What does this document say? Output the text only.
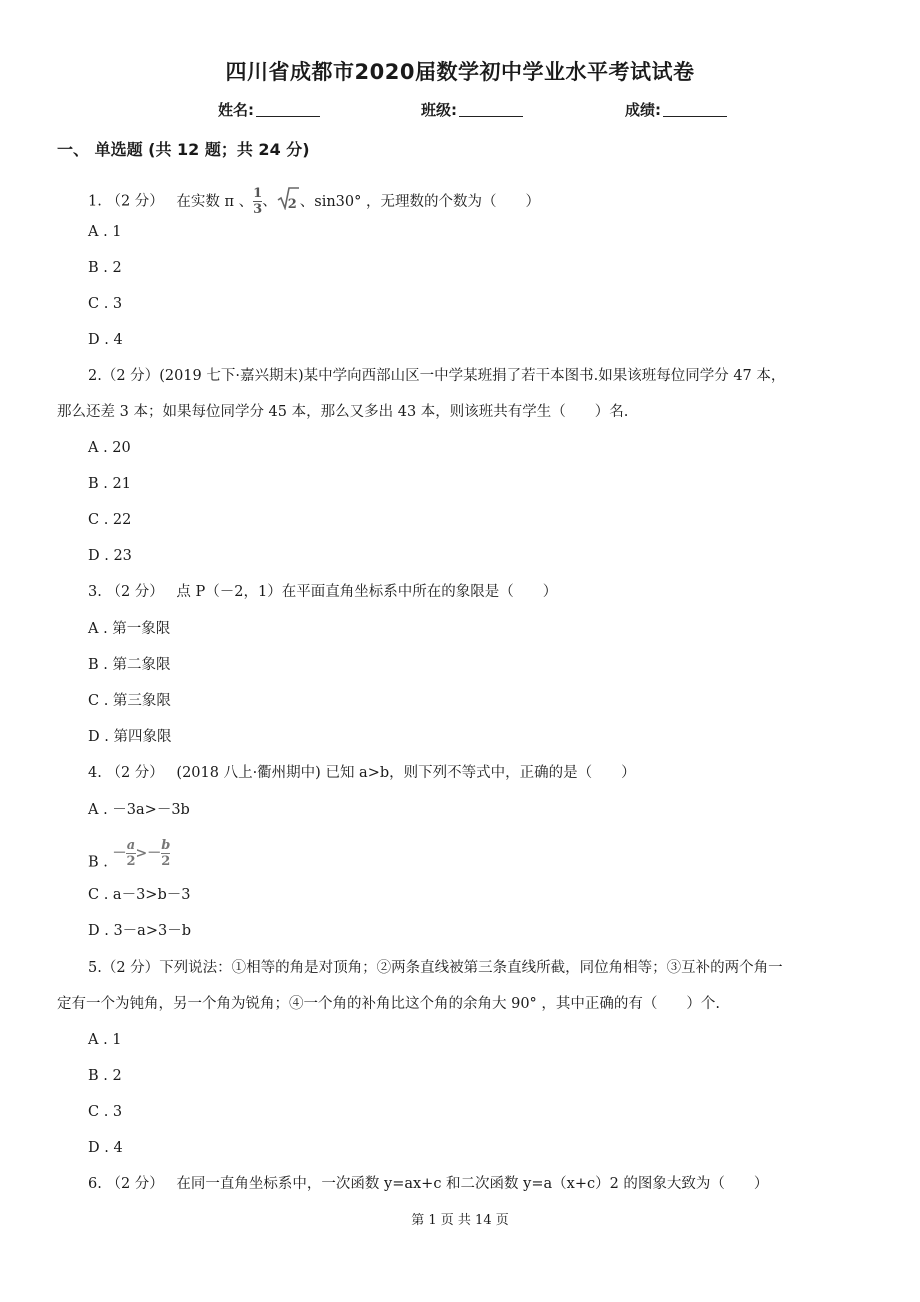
四川省成都市2020届数学初中学业水平考试试卷
姓名:	班级:	成绩:
一、 单选题 (共 12 题；共 24 分)
1. （2 分） 在实数 π 、$\frac{1}{3}$、 2 、sin30° ，无理数的个数为（　　）
A . 1
B . 2
C . 3
D . 4
2.（2 分）(2019 七下·嘉兴期末)某中学向西部山区一中学某班捐了若干本图书.如果该班每位同学分 47 本，
那么还差 3 本；如果每位同学分 45 本，那么又多出 43 本，则该班共有学生（　　）名.
A . 20
B . 21
C . 22
D . 23
3. （2 分） 点 P（－2，1）在平面直角坐标系中所在的象限是（　　）
A . 第一象限
B . 第二象限
C . 第三象限
D . 第四象限
4. （2 分） (2018 八上·衢州期中) 已知 a>b，则下列不等式中，正确的是（　　）
A . －3a>－3b
B . $-\frac{a}{2}>-\frac{b}{2}$
C . a－3>b－3
D . 3－a>3－b
5.（2 分）下列说法：①相等的角是对顶角；②两条直线被第三条直线所截，同位角相等；③互补的两个角一
定有一个为钝角，另一个角为锐角；④一个角的补角比这个角的余角大 90° ，其中正确的有（　　）个.
A . 1
B . 2
C . 3
D . 4
6. （2 分） 在同一直角坐标系中，一次函数 y=ax+c 和二次函数 y=a（x+c）2 的图象大致为（　　）
第 1 页 共 14 页
